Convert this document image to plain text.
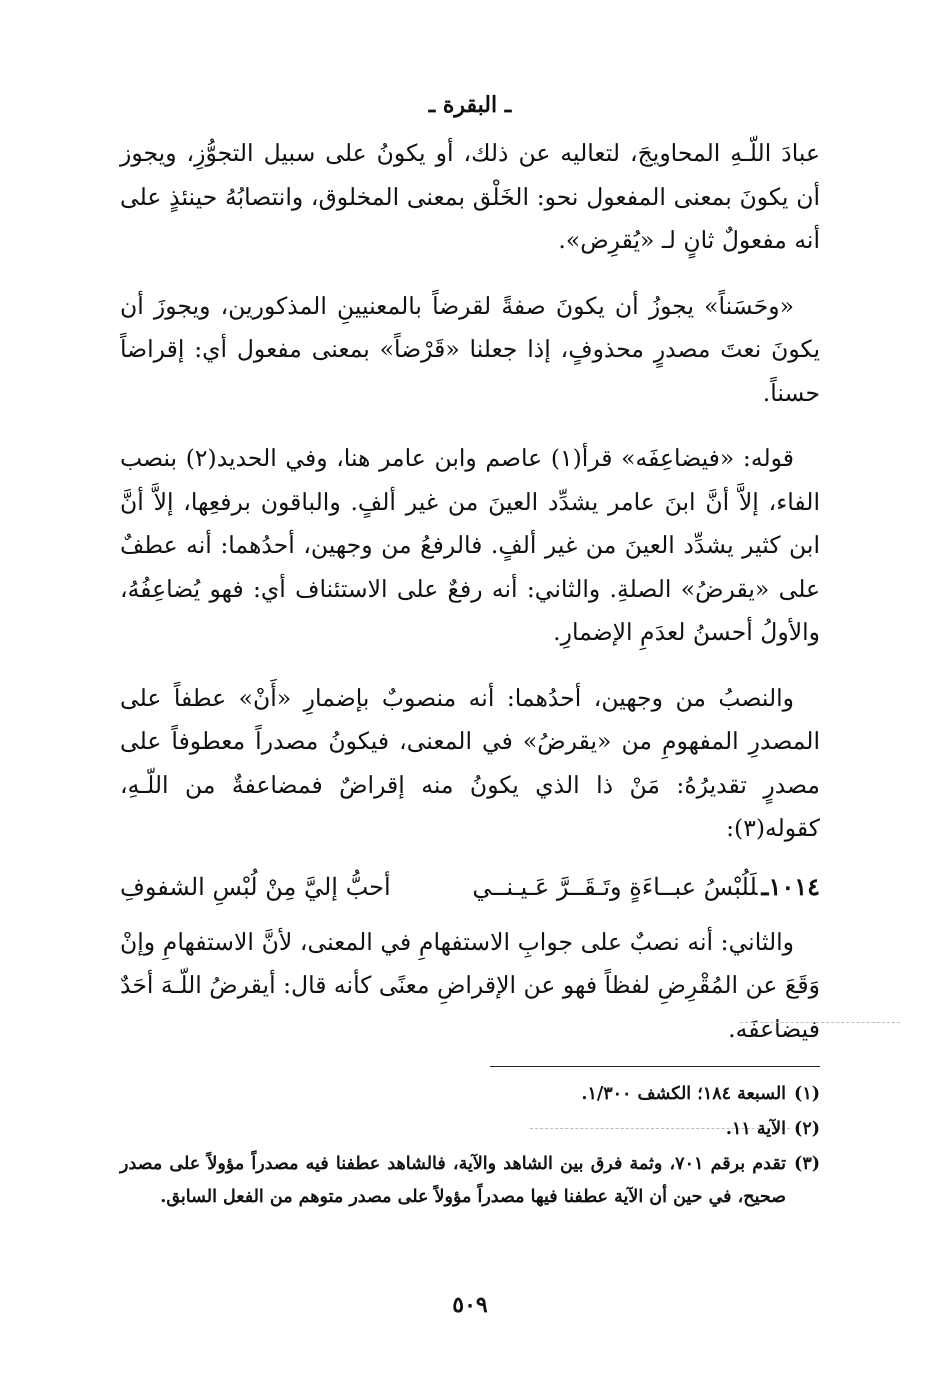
ـ البقرة ـ

عبادَ اللّـهِ المحاويجَ، لتعاليه عن ذلك، أو يكونُ على سبيل التجوُّزِ، ويجوز أن يكونَ بمعنى المفعول نحو: الخَلْق بمعنى المخلوق، وانتصابُهُ حينئذٍ على أنه مفعولٌ ثانٍ لـ «يُقرِض».

«وحَسَناً» يجوزُ أن يكونَ صفةً لقرضاً بالمعنيينِ المذكورين، ويجوزَ أن يكونَ نعتَ مصدرٍ محذوفٍ، إذا جعلنا «قَرْضاً» بمعنى مفعول أي: إقراضاً حسناً.

قوله: «فيضاعِفَه» قرأ(١) عاصم وابن عامر هنا، وفي الحديد(٢) بنصب الفاء، إلاَّ أنَّ ابنَ عامر يشدِّد العينَ من غير ألفٍ. والباقون برفعِها، إلاَّ أنَّ ابن كثير يشدِّد العينَ من غير ألفٍ. فالرفعُ من وجهين، أحدُهما: أنه عطفٌ على «يقرضُ» الصلةِ. والثاني: أنه رفعٌ على الاستئناف أي: فهو يُضاعِفُهُ، والأولُ أحسنُ لعدَمِ الإضمارِ.

والنصبُ من وجهين، أحدُهما: أنه منصوبٌ بإضمارِ «أَنْ» عطفاً على المصدرِ المفهومِ من «يقرضُ» في المعنى، فيكونُ مصدراً معطوفاً على مصدرٍ تقديرُهُ: مَنْ ذا الذي يكونُ منه إقراضٌ فمضاعفةٌ من اللّـهِ، كقوله(٣):

١٠١٤ـلَلُبْسُ عبــاءَةٍ وتَـقَــرَّ عَـيـنــي
أحبُّ إليَّ مِنْ لُبْسِ الشفوفِ

والثاني: أنه نصبٌ على جوابِ الاستفهامِ في المعنى، لأنَّ الاستفهامِ وإنْ وَقَعَ عن المُقْرِضِ لفظاً فهو عن الإقراضِ معنًى كأنه قال: أيقرضُ اللّـهَ أحَدٌ فيضاعفَه.

(١)
السبعة ١٨٤؛ الكشف ١/٣٠٠.
(٢)
الآية ١١.
(٣)
تقدم برقم ٧٠١، وثمة فرق بين الشاهد والآية، فالشاهد عطفنا فيه مصدراً مؤولاً على مصدر صحيح، في حين أن الآية عطفنا فيها مصدراً مؤولاً على مصدر متوهم من الفعل السابق.
٥٠٩
